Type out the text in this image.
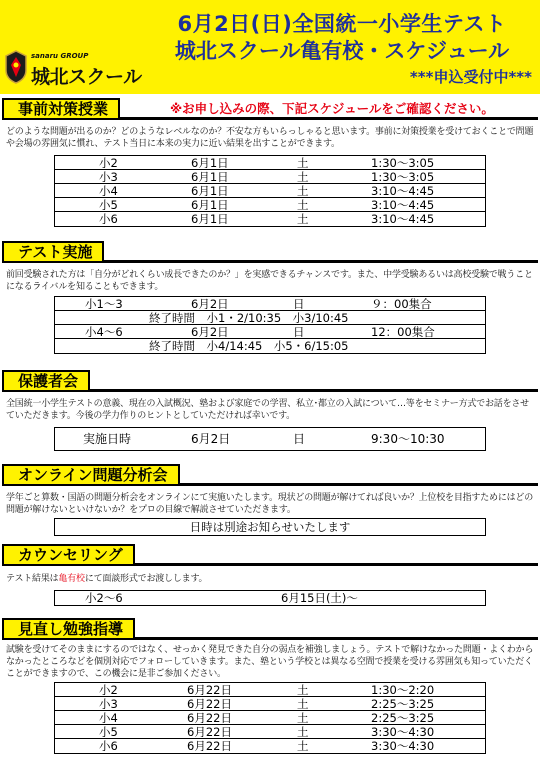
6月2日(日)全国統一小学生テスト
城北スクール亀有校・スケジュール
***申込受付中***
sanaru GROUP
城北スクール
事前対策授業	※お申し込みの際、下記スケジュールをご確認ください。
どのような問題が出るのか？どのようなレベルなのか？不安な方もいらっしゃると思います。事前に対策授業を受けておくことで問題や会場の雰囲気に慣れ、テスト当日に本来の実力に近い結果を出すことができます。
小2	6月1日	土	1:30～3:05
小3	6月1日	土	1:30～3:05
小4	6月1日	土	3:10～4:45
小5	6月1日	土	3:10～4:45
小6	6月1日	土	3:10～4:45
テスト実施
前回受験された方は「自分がどれくらい成長できたのか？」を実感できるチャンスです。また、中学受験あるいは高校受験で戦うことになるライバルを知ることもできます。
小1～3	6月2日	日	９：00集合
終了時間　小1・2/10:35　小3/10:45
小4～6	6月2日	日	12：00集合
終了時間　小4/14:45　小5・6/15:05
保護者会
全国統一小学生テストの意義、現在の入試概況、塾および家庭での学習、私立･都立の入試について…等をセミナー方式でお話をさせていただきます。今後の学力作りのヒントとしていただければ幸いです。
実施日時	6月2日	日	9:30～10:30
オンライン問題分析会
学年ごと算数・国語の問題分析会をオンラインにて実施いたします。現状どの問題が解けてれば良いか？上位校を目指すためにはどの問題が解けないといけないか？をプロの目線で解説させていただきます。
日時は別途お知らせいたします
カウンセリング
テスト結果は亀有校にて面談形式でお渡しします。
小2～6	6月15日(土)～
見直し勉強指導
試験を受けてそのままにするのではなく、せっかく発見できた自分の弱点を補強しましょう。テストで解けなかった問題・よくわからなかったところなどを個別対応でフォローしていきます。また、塾という学校とは異なる空間で授業を受ける雰囲気も知っていただくことができますので、この機会に是非ご参加ください。
小2	6月22日	土	1:30～2:20
小3	6月22日	土	2:25～3:25
小4	6月22日	土	2:25～3:25
小5	6月22日	土	3:30～4:30
小6	6月22日	土	3:30～4:30
